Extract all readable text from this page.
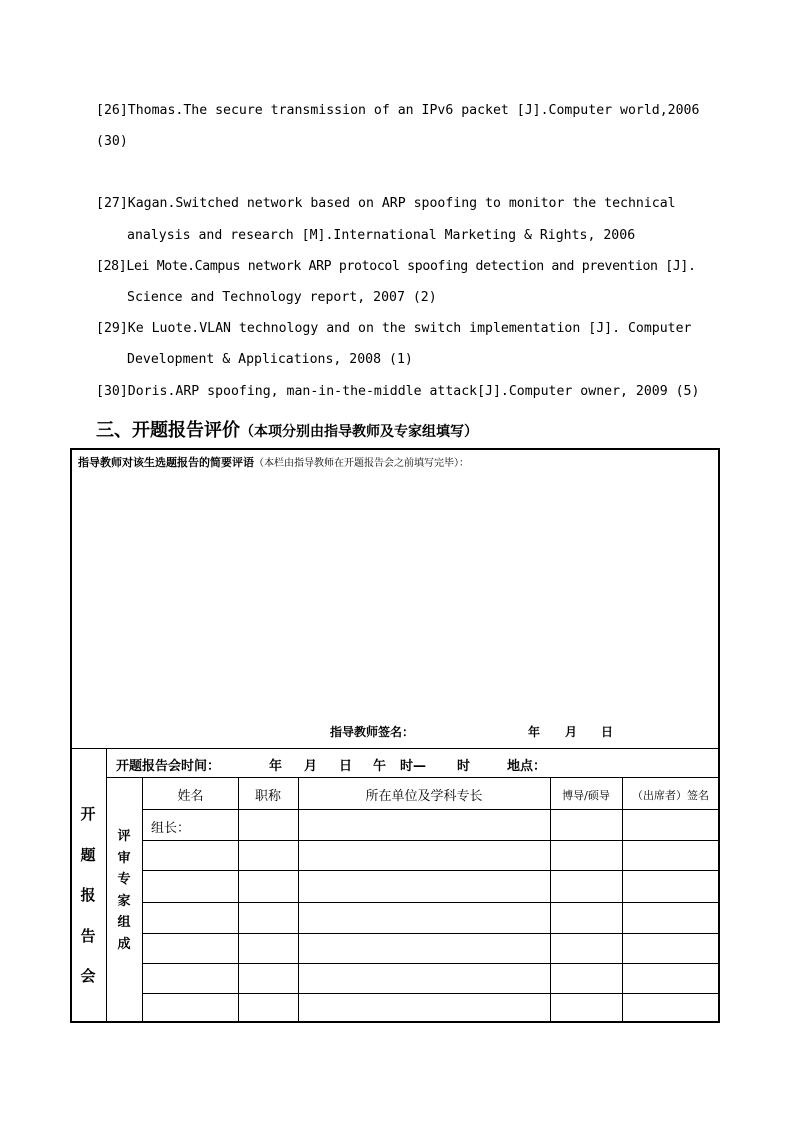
[26]Thomas.The secure transmission of an IPv6 packet [J].Computer world,2006
(30)
[27]Kagan.Switched network based on ARP spoofing to monitor the technical
analysis and research [M].International Marketing & Rights, 2006
[28]Lei Mote.Campus network ARP protocol spoofing detection and prevention [J].
Science and Technology report, 2007 (2)
[29]Ke Luote.VLAN technology and on the switch implementation [J]. Computer
Development & Applications, 2008 (1)
[30]Doris.ARP spoofing, man-in-the-middle attack[J].Computer owner, 2009 (5)
三、开题报告评价（本项分别由指导教师及专家组填写）
指导教师对该生选题报告的简要评语（本栏由指导教师在开题报告会之前填写完毕）：
指导教师签名：	年 月 日
开题报告会时间：	年 月 日 午 时— 时	地点：
开
题
报
告
会
评
审
专
家
组
成
姓名	职称	所在单位及学科专长	博导/硕导	（出席者）签名
组长：
